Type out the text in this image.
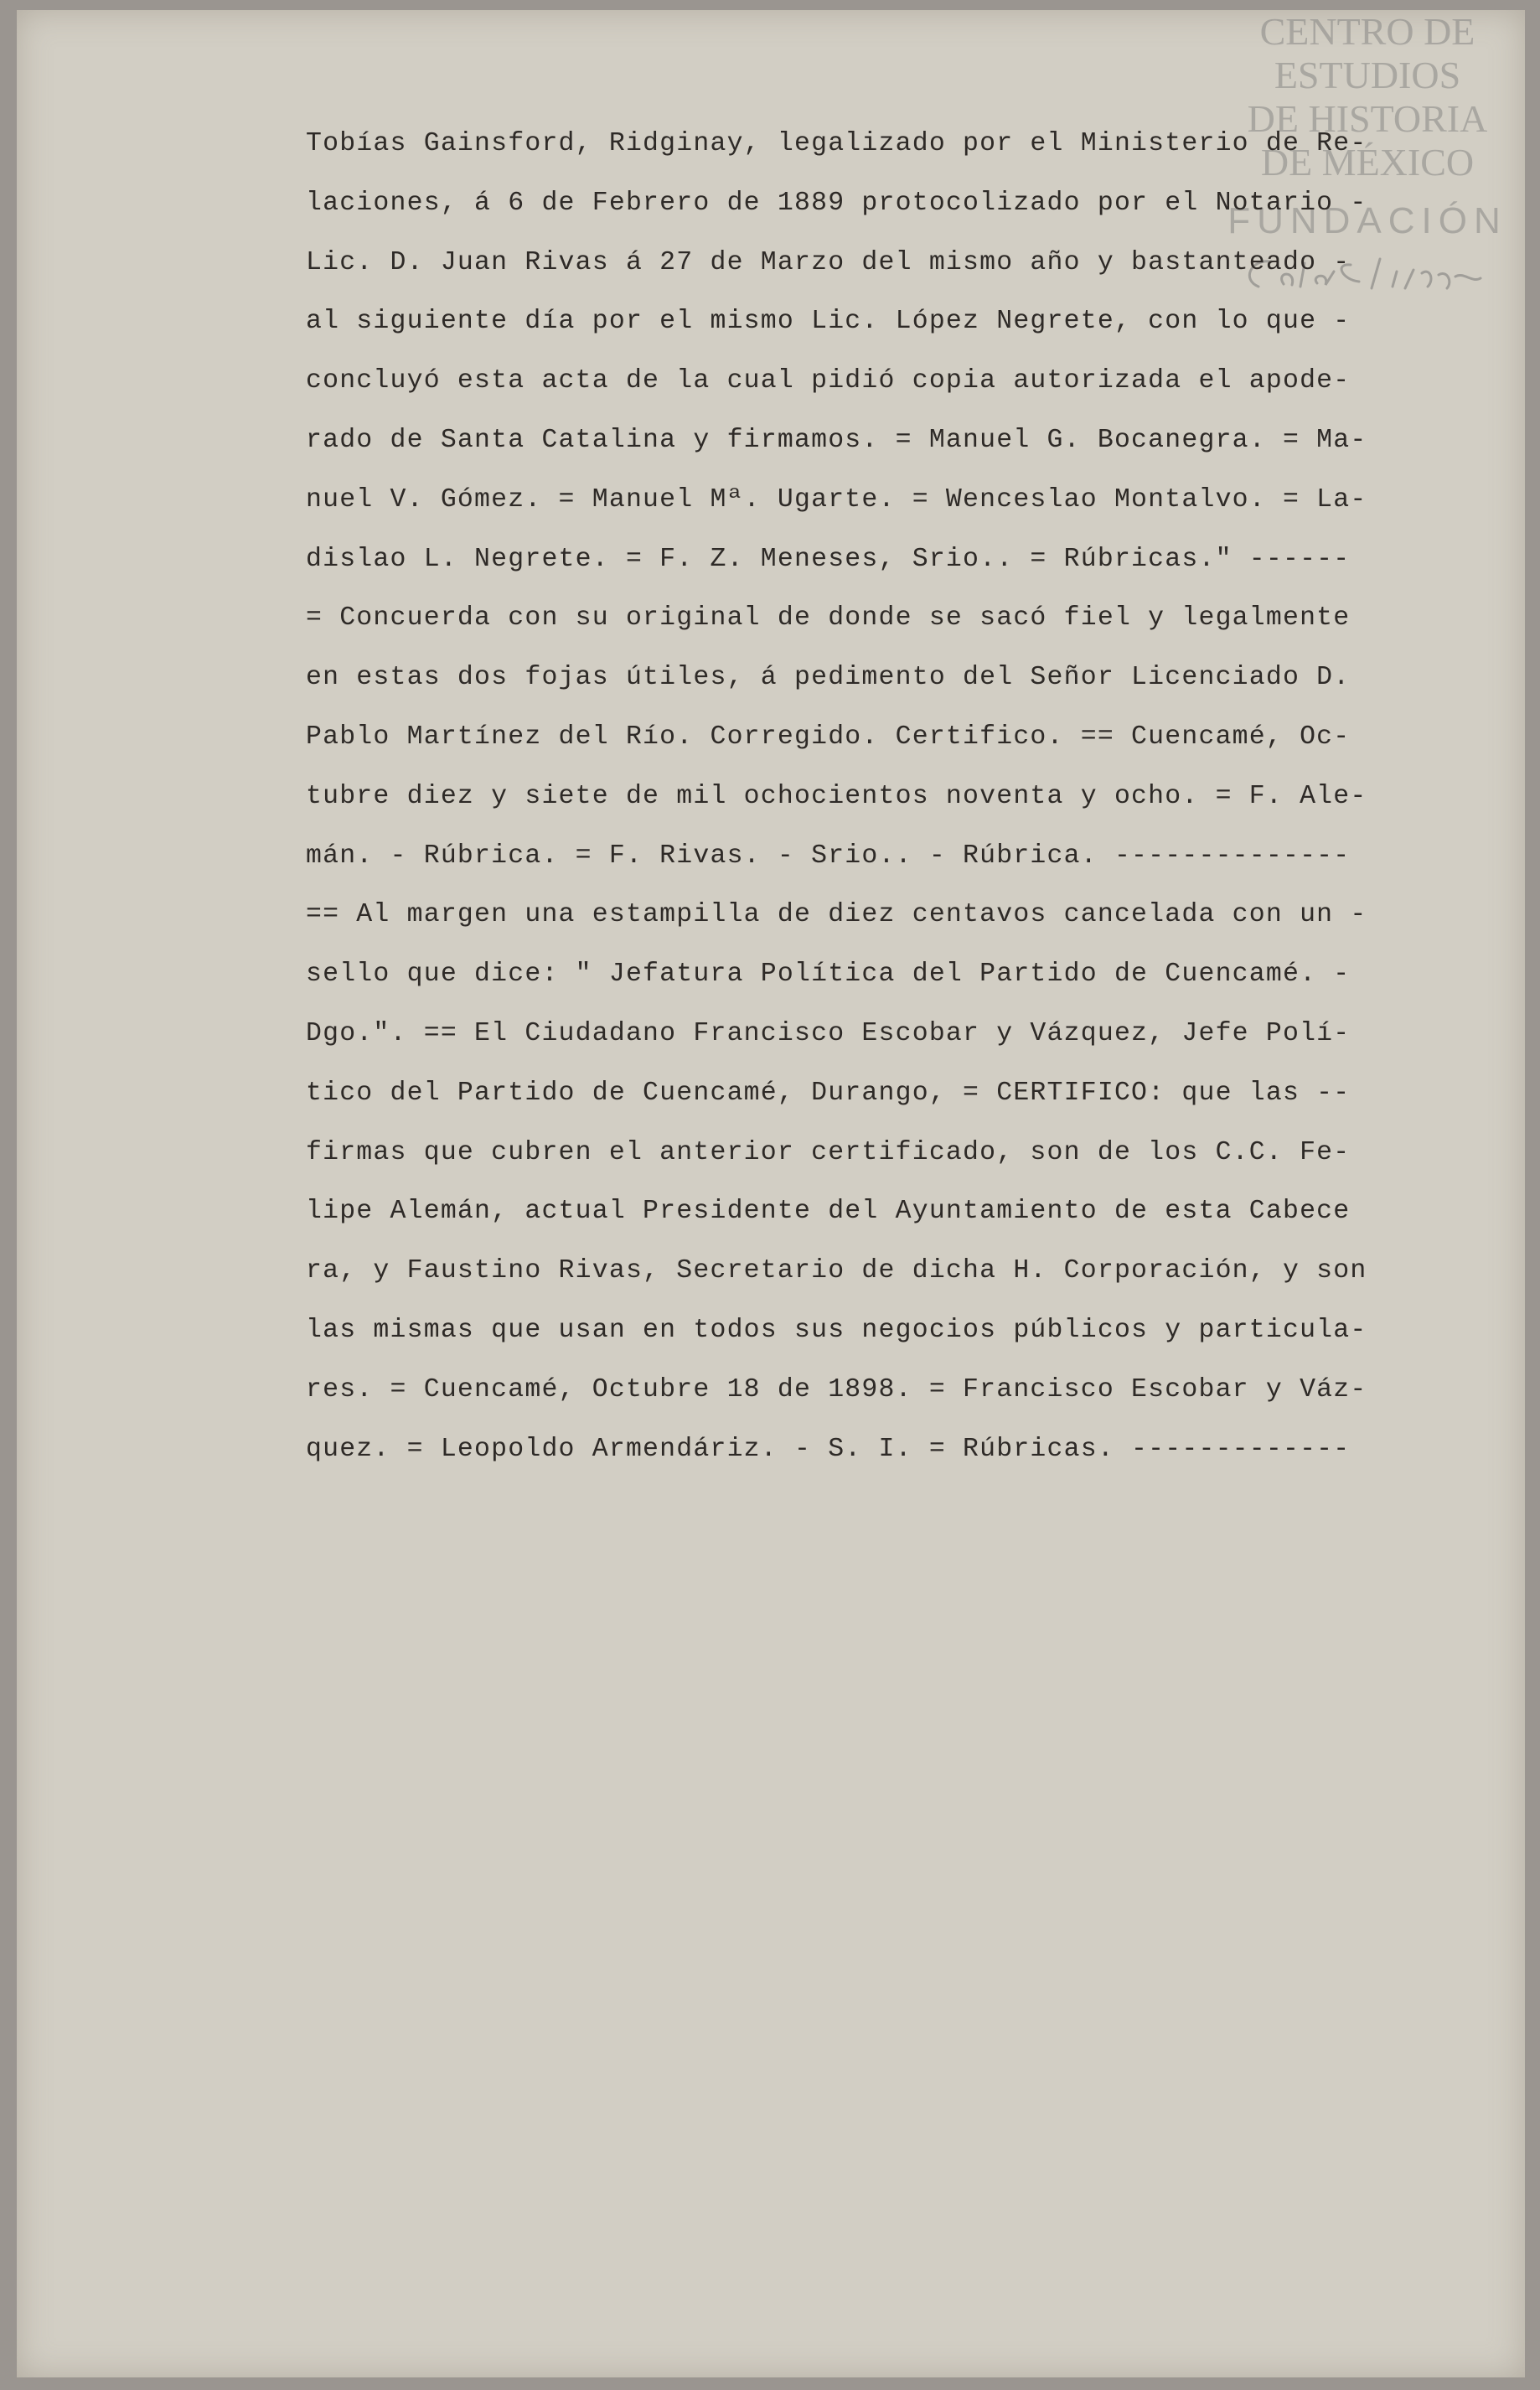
CENTRO DE
ESTUDIOS
DE HISTORIA
DE MÉXICO
FUNDACIÓN
Tobías Gainsford, Ridginay, legalizado por el Ministerio de Re-
laciones, á 6 de Febrero de 1889 protocolizado por el Notario -
Lic. D. Juan Rivas á 27 de Marzo del mismo año y bastanteado -
al siguiente día por el mismo Lic. López Negrete, con lo que -
concluyó esta acta de la cual pidió copia autorizada el apode-
rado de Santa Catalina y firmamos. = Manuel G. Bocanegra. = Ma-
nuel V. Gómez. = Manuel Mª. Ugarte. = Wenceslao Montalvo. = La-
dislao L. Negrete. = F. Z. Meneses, Srio.. = Rúbricas." ------
= Concuerda con su original de donde se sacó fiel y legalmente
en estas dos fojas útiles, á pedimento del Señor Licenciado D.
Pablo Martínez del Río. Corregido. Certifico. == Cuencamé, Oc-
tubre diez y siete de mil ochocientos noventa y ocho. = F. Ale-
mán. - Rúbrica. = F. Rivas. - Srio.. - Rúbrica. --------------
== Al margen una estampilla de diez centavos cancelada con un -
sello que dice: " Jefatura Política del Partido de Cuencamé. -
Dgo.". == El Ciudadano Francisco Escobar y Vázquez, Jefe Polí-
tico del Partido de Cuencamé, Durango, = CERTIFICO: que las --
firmas que cubren el anterior certificado, son de los C.C. Fe-
lipe Alemán, actual Presidente del Ayuntamiento de esta Cabece
ra, y Faustino Rivas, Secretario de dicha H. Corporación, y son
las mismas que usan en todos sus negocios públicos y particula-
res. = Cuencamé, Octubre 18 de 1898. = Francisco Escobar y Váz-
quez. = Leopoldo Armendáriz. - S. I. = Rúbricas. -------------
